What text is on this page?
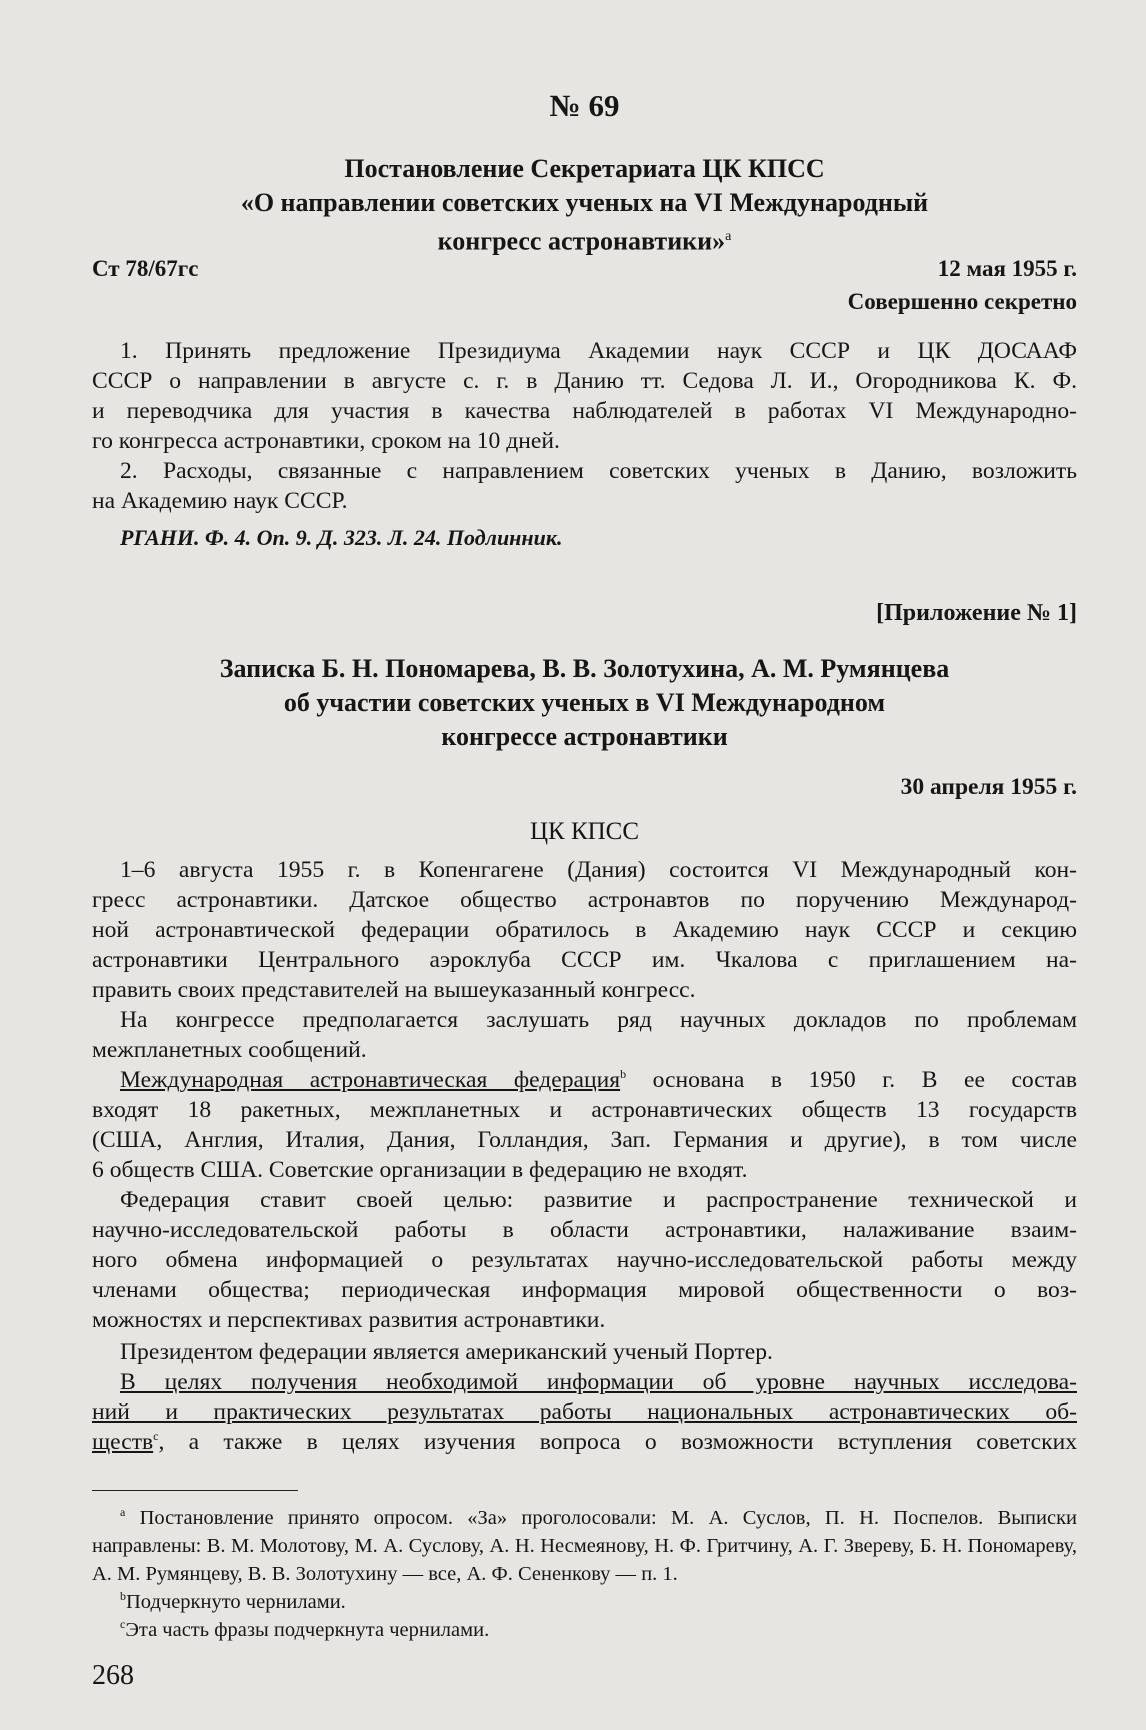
№ 69
Постановление Секретариата ЦК КПСС
«О направлении советских ученых на VI Международный
конгресс астронавтики»$^a$
Ст 78/67гс	12 мая 1955 г.
Совершенно секретно
1. Принять предложение Президиума Академии наук СССР и ЦК ДОСААФ
СССР о направлении в августе с. г. в Данию тт. Седова Л. И., Огородникова К. Ф.
и переводчика для участия в качества наблюдателей в работах VI Международно-
го конгресса астронавтики, сроком на 10 дней.
2. Расходы, связанные с направлением советских ученых в Данию, возложить
на Академию наук СССР.
РГАНИ. Ф. 4. Оп. 9. Д. 323. Л. 24. Подлинник.
[Приложение № 1]
Записка Б. Н. Пономарева, В. В. Золотухина, А. М. Румянцева
об участии советских ученых в VI Международном
конгрессе астронавтики
30 апреля 1955 г.
ЦК КПСС
1–6 августа 1955 г. в Копенгагене (Дания) состоится VI Международный кон-
гресс астронавтики. Датское общество астронавтов по поручению Международ-
ной астронавтической федерации обратилось в Академию наук СССР и секцию
астронавтики Центрального аэроклуба СССР им. Чкалова с приглашением на-
править своих представителей на вышеуказанный конгресс.
На конгрессе предполагается заслушать ряд научных докладов по проблемам
межпланетных сообщений.
Международная астронавтическая федерация$^b$ основана в 1950 г. В ее состав
входят 18 ракетных, межпланетных и астронавтических обществ 13 государств
(США, Англия, Италия, Дания, Голландия, Зап. Германия и другие), в том числе
6 обществ США. Советские организации в федерацию не входят.
Федерация ставит своей целью: развитие и распространение технической и
научно-исследовательской работы в области астронавтики, налаживание взаим-
ного обмена информацией о результатах научно-исследовательской работы между
членами общества; периодическая информация мировой общественности о воз-
можностях и перспективах развития астронавтики.
Президентом федерации является американский ученый Портер.
В целях получения необходимой информации об уровне научных исследова-
ний и практических результатах работы национальных астронавтических об-
ществ$^c$, а также в целях изучения вопроса о возможности вступления советских
$^a$ Постановление принято опросом. «За» проголосовали: М. А. Суслов, П. Н. Поспелов. Выписки направлены: В. М. Молотову, М. А. Суслову, А. Н. Несмеянову, Н. Ф. Гритчину, А. Г. Звереву, Б. Н. Пономареву, А. М. Румянцеву, В. В. Золотухину — все, А. Ф. Сененкову — п. 1.
$^b$Подчеркнуто чернилами.
$^c$Эта часть фразы подчеркнута чернилами.
268
